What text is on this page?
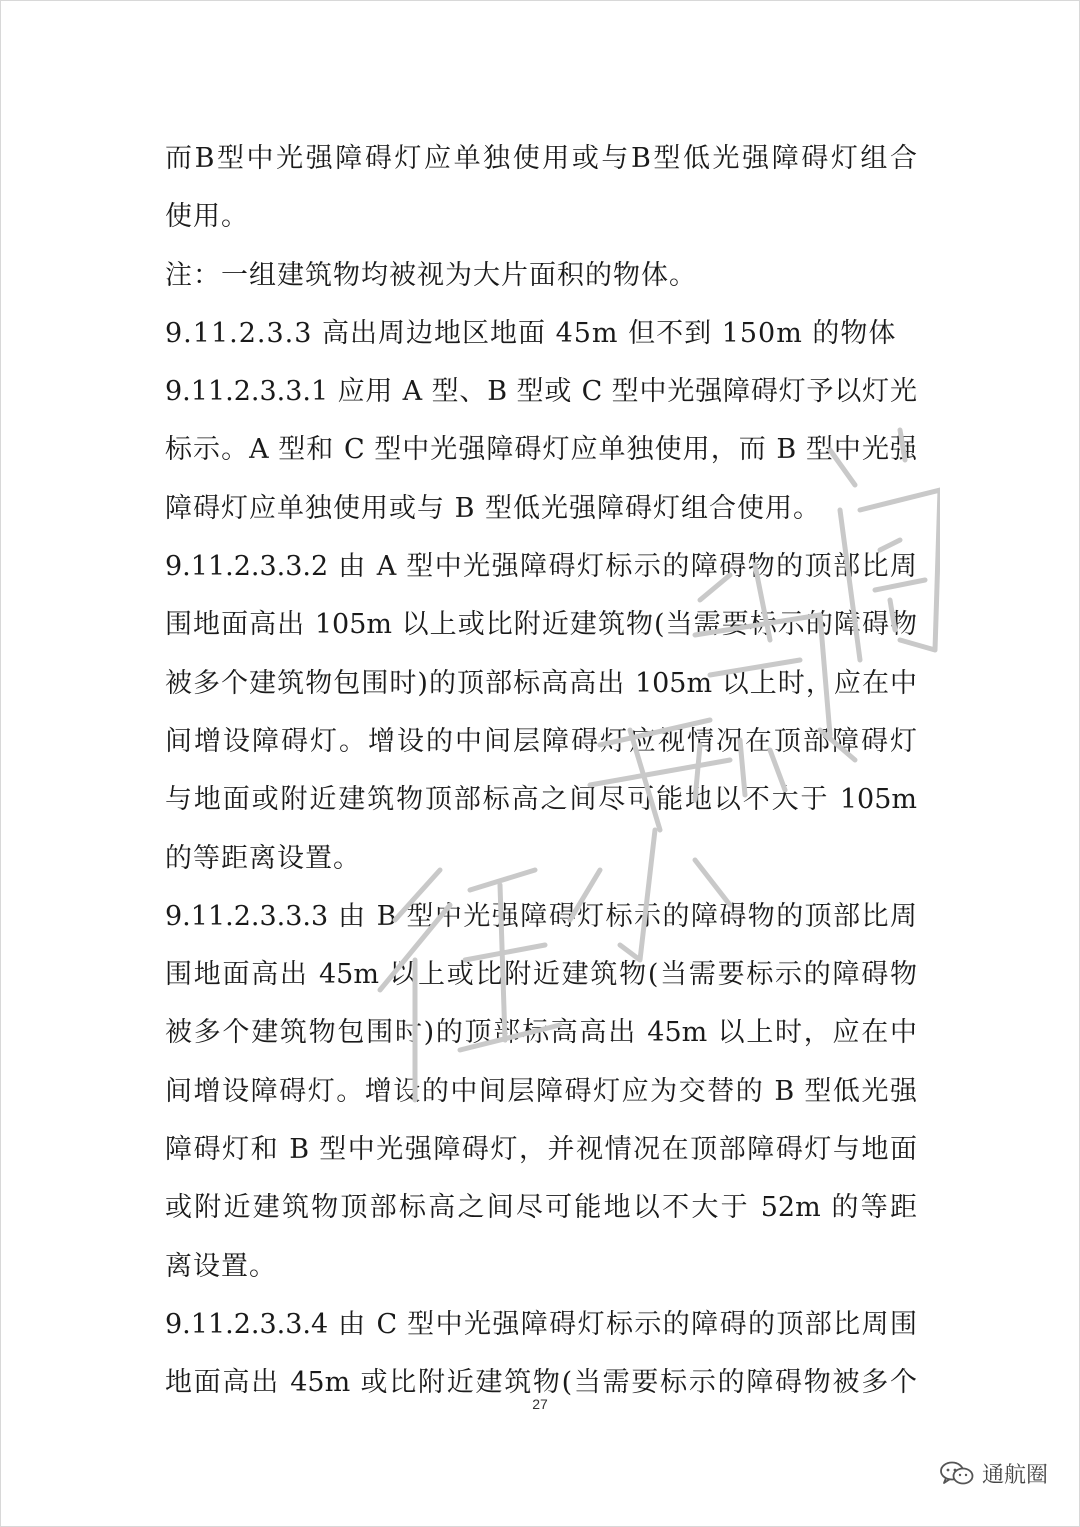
而B型中光强障碍灯应单独使用或与B型低光强障碍灯组合
使用。
注：一组建筑物均被视为大片面积的物体。
9.11.2.3.3 高出周边地区地面 45m 但不到 150m 的物体
9.11.2.3.3.1 应用 A 型、B 型或 C 型中光强障碍灯予以灯光
标示。A 型和 C 型中光强障碍灯应单独使用，而 B 型中光强
障碍灯应单独使用或与 B 型低光强障碍灯组合使用。
9.11.2.3.3.2 由 A 型中光强障碍灯标示的障碍物的顶部比周
围地面高出 105m 以上或比附近建筑物(当需要标示的障碍物
被多个建筑物包围时)的顶部标高高出 105m 以上时，应在中
间增设障碍灯。增设的中间层障碍灯应视情况在顶部障碍灯
与地面或附近建筑物顶部标高之间尽可能地以不大于 105m
的等距离设置。
9.11.2.3.3.3 由 B 型中光强障碍灯标示的障碍物的顶部比周
围地面高出 45m 以上或比附近建筑物(当需要标示的障碍物
被多个建筑物包围时)的顶部标高高出 45m 以上时，应在中
间增设障碍灯。增设的中间层障碍灯应为交替的 B 型低光强
障碍灯和 B 型中光强障碍灯，并视情况在顶部障碍灯与地面
或附近建筑物顶部标高之间尽可能地以不大于 52m 的等距
离设置。
9.11.2.3.3.4 由 C 型中光强障碍灯标示的障碍的顶部比周围
地面高出 45m 或比附近建筑物(当需要标示的障碍物被多个
27
通航圈
